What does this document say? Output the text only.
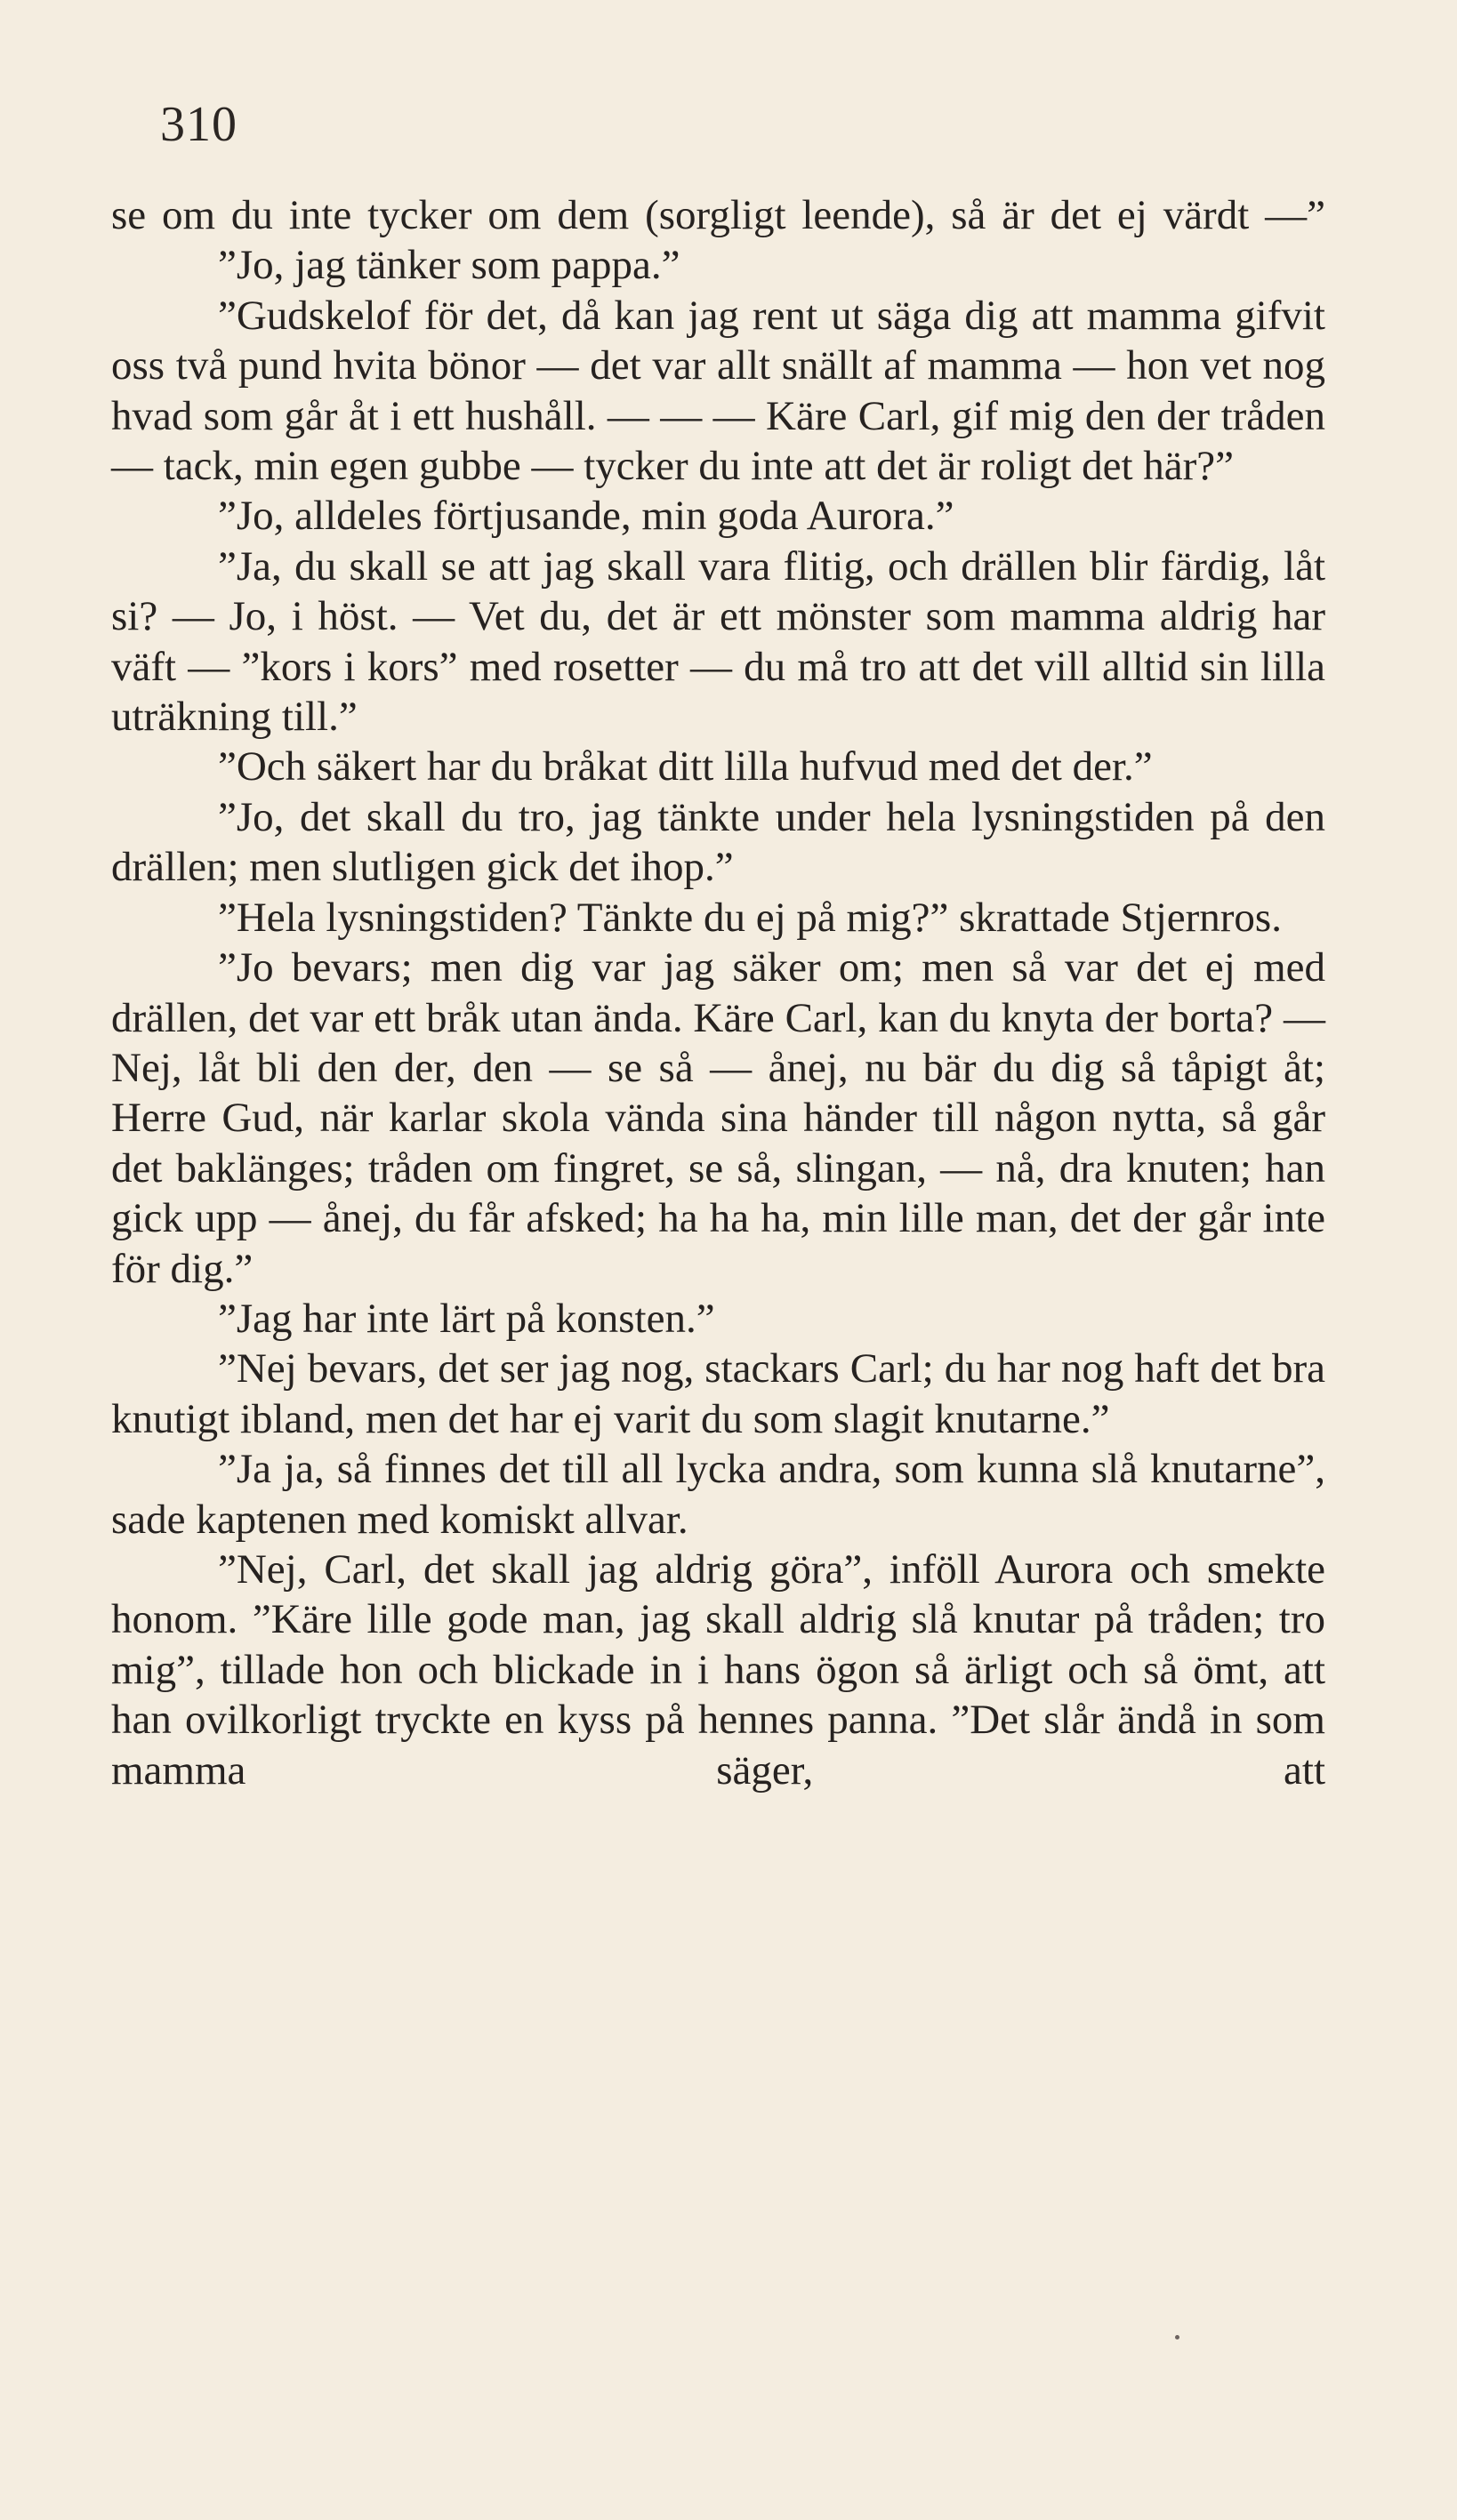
310

se om du inte tycker om dem (sorgligt leende), så är det ej värdt —”

”Jo, jag tänker som pappa.”

”Gudskelof för det, då kan jag rent ut säga dig att mamma gifvit oss två pund hvita bönor — det var allt snällt af mamma — hon vet nog hvad som går åt i ett hushåll. — — — Käre Carl, gif mig den der tråden — tack, min egen gubbe — tycker du inte att det är roligt det här?”

”Jo, alldeles förtjusande, min goda Aurora.”

”Ja, du skall se att jag skall vara flitig, och drällen blir färdig, låt si? — Jo, i höst. — Vet du, det är ett mönster som mamma aldrig har väft — ”kors i kors” med rosetter — du må tro att det vill alltid sin lilla uträkning till.”

”Och säkert har du bråkat ditt lilla hufvud med det der.”

”Jo, det skall du tro, jag tänkte under hela lysningstiden på den drällen; men slutligen gick det ihop.”

”Hela lysningstiden? Tänkte du ej på mig?” skrattade Stjernros.

”Jo bevars; men dig var jag säker om; men så var det ej med drällen, det var ett bråk utan ända. Käre Carl, kan du knyta der borta? — Nej, låt bli den der, den — se så — ånej, nu bär du dig så tåpigt åt; Herre Gud, när karlar skola vända sina händer till någon nytta, så går det baklänges; tråden om fingret, se så, slingan, — nå, dra knuten; han gick upp — ånej, du får afsked; ha ha ha, min lille man, det der går inte för dig.”

”Jag har inte lärt på konsten.”

”Nej bevars, det ser jag nog, stackars Carl; du har nog haft det bra knutigt ibland, men det har ej varit du som slagit knutarne.”

”Ja ja, så finnes det till all lycka andra, som kunna slå knutarne”, sade kaptenen med komiskt allvar.

”Nej, Carl, det skall jag aldrig göra”, inföll Aurora och smekte honom. ”Käre lille gode man, jag skall aldrig slå knutar på tråden; tro mig”, tillade hon och blickade in i hans ögon så ärligt och så ömt, att han ovilkorligt tryckte en kyss på hennes panna. ”Det slår ändå in som mamma säger, att
